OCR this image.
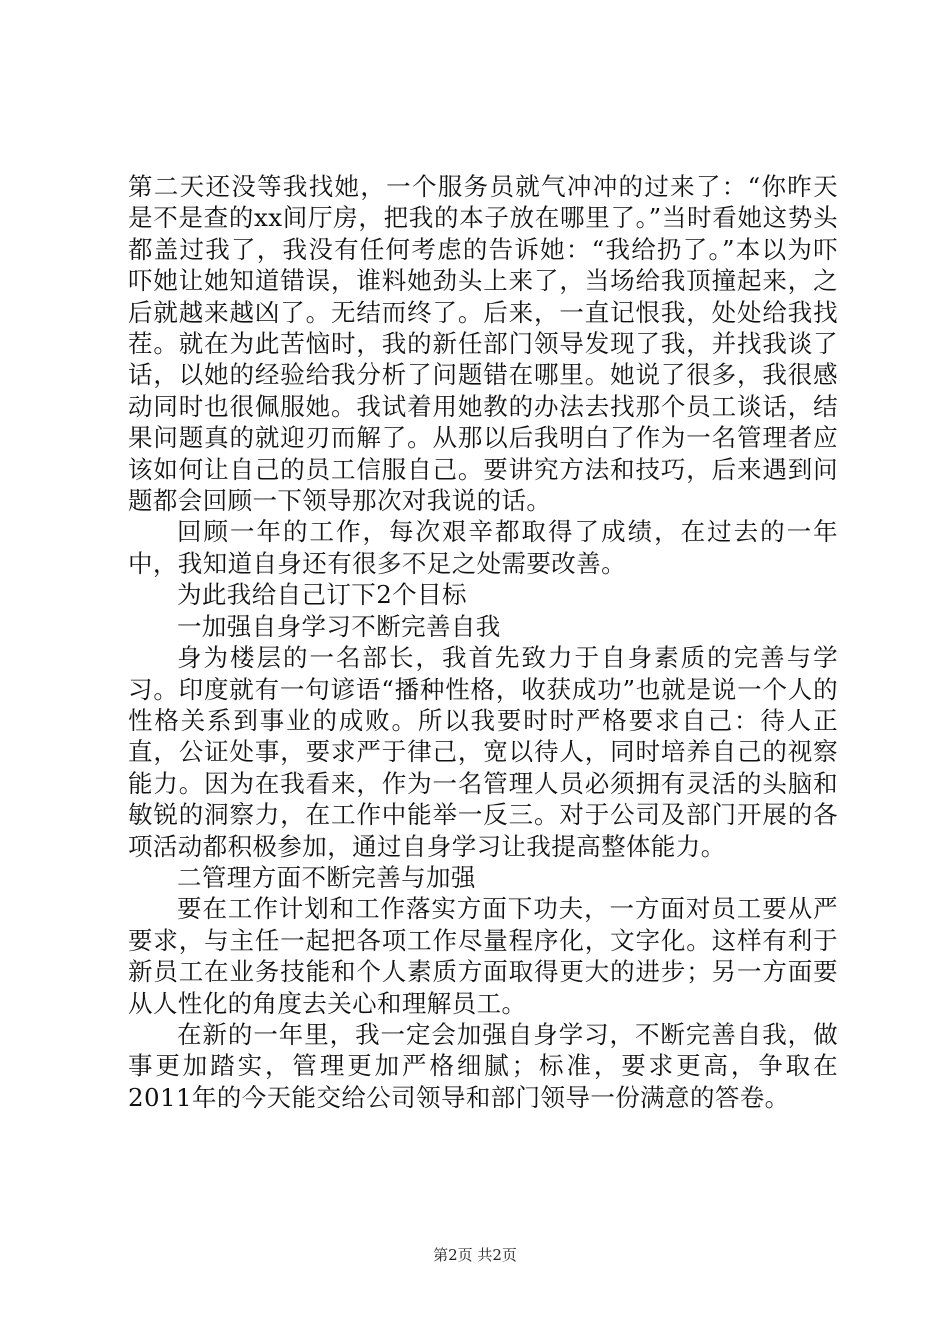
第二天还没等我找她，一个服务员就气冲冲的过来了：“你昨天是不是查的xx间厅房，把我的本子放在哪里了。”当时看她这势头都盖过我了，我没有任何考虑的告诉她：“我给扔了。”本以为吓吓她让她知道错误，谁料她劲头上来了，当场给我顶撞起来，之后就越来越凶了。无结而终了。后来，一直记恨我，处处给我找茬。就在为此苦恼时，我的新任部门领导发现了我，并找我谈了话，以她的经验给我分析了问题错在哪里。她说了很多，我很感动同时也很佩服她。我试着用她教的办法去找那个员工谈话，结果问题真的就迎刃而解了。从那以后我明白了作为一名管理者应该如何让自己的员工信服自己。要讲究方法和技巧，后来遇到问题都会回顾一下领导那次对我说的话。

回顾一年的工作，每次艰辛都取得了成绩，在过去的一年中，我知道自身还有很多不足之处需要改善。

为此我给自己订下2个目标

一加强自身学习不断完善自我

身为楼层的一名部长，我首先致力于自身素质的完善与学习。印度就有一句谚语“播种性格，收获成功”也就是说一个人的性格关系到事业的成败。所以我要时时严格要求自己：待人正直，公证处事，要求严于律己，宽以待人，同时培养自己的视察能力。因为在我看来，作为一名管理人员必须拥有灵活的头脑和敏锐的洞察力，在工作中能举一反三。对于公司及部门开展的各项活动都积极参加，通过自身学习让我提高整体能力。

二管理方面不断完善与加强

要在工作计划和工作落实方面下功夫，一方面对员工要从严要求，与主任一起把各项工作尽量程序化，文字化。这样有利于新员工在业务技能和个人素质方面取得更大的进步；另一方面要从人性化的角度去关心和理解员工。

在新的一年里，我一定会加强自身学习，不断完善自我，做事更加踏实，管理更加严格细腻；标准，要求更高，争取在2011年的今天能交给公司领导和部门领导一份满意的答卷。

第2页 共2页
